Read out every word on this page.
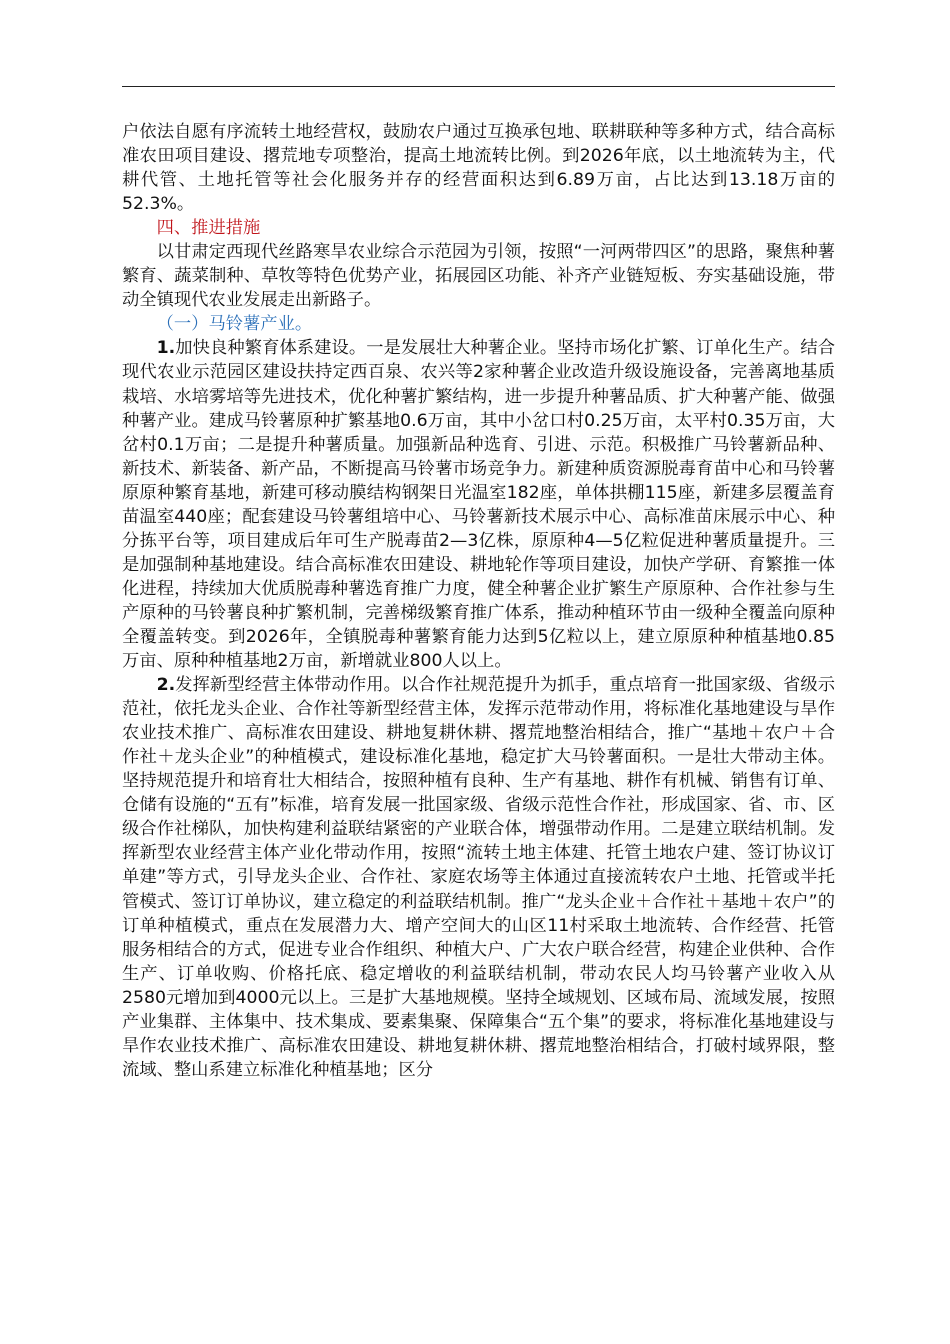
户依法自愿有序流转土地经营权，鼓励农户通过互换承包地、联耕联种等多种方式，结合高标准农田项目建设、撂荒地专项整治，提高土地流转比例。到2026年底，以土地流转为主，代耕代管、土地托管等社会化服务并存的经营面积达到6.89万亩，占比达到13.18万亩的52.3%。

四、推进措施

以甘肃定西现代丝路寒旱农业综合示范园为引领，按照“一河两带四区”的思路，聚焦种薯繁育、蔬菜制种、草牧等特色优势产业，拓展园区功能、补齐产业链短板、夯实基础设施，带动全镇现代农业发展走出新路子。

（一）马铃薯产业。

1.加快良种繁育体系建设。一是发展壮大种薯企业。坚持市场化扩繁、订单化生产。结合现代农业示范园区建设扶持定西百泉、农兴等2家种薯企业改造升级设施设备，完善离地基质栽培、水培雾培等先进技术，优化种薯扩繁结构，进一步提升种薯品质、扩大种薯产能、做强种薯产业。建成马铃薯原种扩繁基地0.6万亩，其中小岔口村0.25万亩，太平村0.35万亩，大岔村0.1万亩；二是提升种薯质量。加强新品种选育、引进、示范。积极推广马铃薯新品种、新技术、新装备、新产品，不断提高马铃薯市场竞争力。新建种质资源脱毒育苗中心和马铃薯原原种繁育基地，新建可移动膜结构钢架日光温室182座，单体拱棚115座，新建多层覆盖育苗温室440座；配套建设马铃薯组培中心、马铃薯新技术展示中心、高标准苗床展示中心、种分拣平台等，项目建成后年可生产脱毒苗2—3亿株，原原种4—5亿粒促进种薯质量提升。三是加强制种基地建设。结合高标准农田建设、耕地轮作等项目建设，加快产学研、育繁推一体化进程，持续加大优质脱毒种薯选育推广力度，健全种薯企业扩繁生产原原种、合作社参与生产原种的马铃薯良种扩繁机制，完善梯级繁育推广体系，推动种植环节由一级种全覆盖向原种全覆盖转变。到2026年，全镇脱毒种薯繁育能力达到5亿粒以上，建立原原种种植基地0.85万亩、原种种植基地2万亩，新增就业800人以上。

2.发挥新型经营主体带动作用。以合作社规范提升为抓手，重点培育一批国家级、省级示范社，依托龙头企业、合作社等新型经营主体，发挥示范带动作用，将标准化基地建设与旱作农业技术推广、高标准农田建设、耕地复耕休耕、撂荒地整治相结合，推广“基地＋农户＋合作社＋龙头企业”的种植模式，建设标准化基地，稳定扩大马铃薯面积。一是壮大带动主体。坚持规范提升和培育壮大相结合，按照种植有良种、生产有基地、耕作有机械、销售有订单、仓储有设施的“五有”标准，培育发展一批国家级、省级示范性合作社，形成国家、省、市、区级合作社梯队，加快构建利益联结紧密的产业联合体，增强带动作用。二是建立联结机制。发挥新型农业经营主体产业化带动作用，按照“流转土地主体建、托管土地农户建、签订协议订单建”等方式，引导龙头企业、合作社、家庭农场等主体通过直接流转农户土地、托管或半托管模式、签订订单协议，建立稳定的利益联结机制。推广“龙头企业＋合作社＋基地＋农户”的订单种植模式，重点在发展潜力大、增产空间大的山区11村采取土地流转、合作经营、托管服务相结合的方式，促进专业合作组织、种植大户、广大农户联合经营，构建企业供种、合作生产、订单收购、价格托底、稳定增收的利益联结机制，带动农民人均马铃薯产业收入从2580元增加到4000元以上。三是扩大基地规模。坚持全域规划、区域布局、流域发展，按照产业集群、主体集中、技术集成、要素集聚、保障集合“五个集”的要求，将标准化基地建设与旱作农业技术推广、高标准农田建设、耕地复耕休耕、撂荒地整治相结合，打破村域界限，整流域、整山系建立标准化种植基地；区分
